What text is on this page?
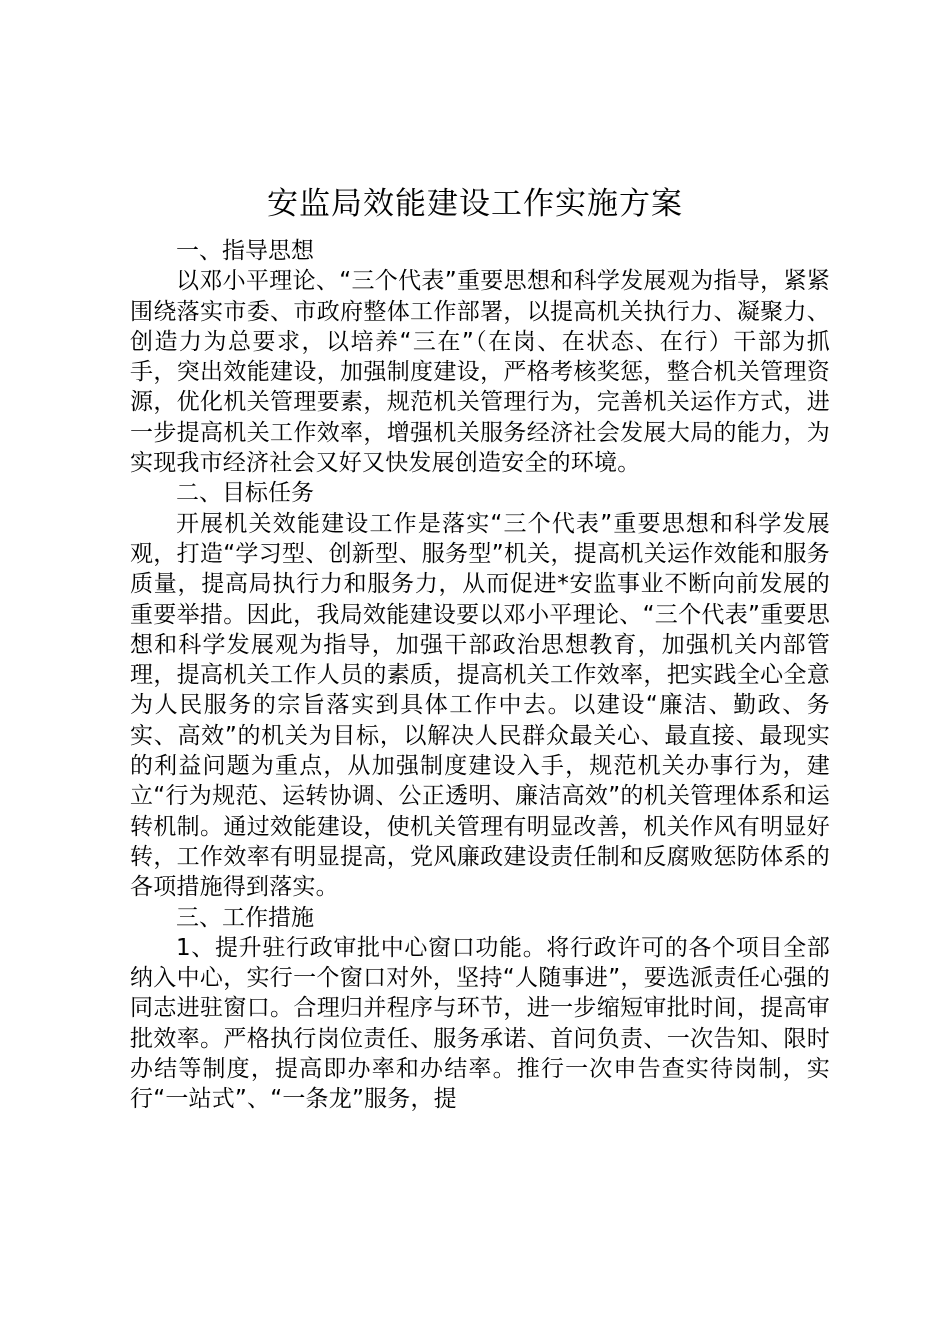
安监局效能建设工作实施方案
一、指导思想

以邓小平理论、“三个代表”重要思想和科学发展观为指导，紧紧围绕落实市委、市政府整体工作部署，以提高机关执行力、凝聚力、创造力为总要求，以培养“三在”（在岗、在状态、在行）干部为抓手，突出效能建设，加强制度建设，严格考核奖惩，整合机关管理资源，优化机关管理要素，规范机关管理行为，完善机关运作方式，进一步提高机关工作效率，增强机关服务经济社会发展大局的能力，为实现我市经济社会又好又快发展创造安全的环境。

二、目标任务

开展机关效能建设工作是落实“三个代表”重要思想和科学发展观，打造“学习型、创新型、服务型”机关，提高机关运作效能和服务质量，提高局执行力和服务力，从而促进*安监事业不断向前发展的重要举措。因此，我局效能建设要以邓小平理论、“三个代表”重要思想和科学发展观为指导，加强干部政治思想教育，加强机关内部管理，提高机关工作人员的素质，提高机关工作效率，把实践全心全意为人民服务的宗旨落实到具体工作中去。以建设“廉洁、勤政、务实、高效”的机关为目标，以解决人民群众最关心、最直接、最现实的利益问题为重点，从加强制度建设入手，规范机关办事行为，建立“行为规范、运转协调、公正透明、廉洁高效”的机关管理体系和运转机制。通过效能建设，使机关管理有明显改善，机关作风有明显好转，工作效率有明显提高，党风廉政建设责任制和反腐败惩防体系的各项措施得到落实。

三、工作措施

1、提升驻行政审批中心窗口功能。将行政许可的各个项目全部纳入中心，实行一个窗口对外，坚持“人随事进”，要选派责任心强的同志进驻窗口。合理归并程序与环节，进一步缩短审批时间，提高审批效率。严格执行岗位责任、服务承诺、首问负责、一次告知、限时办结等制度，提高即办率和办结率。推行一次申告查实待岗制，实行“一站式”、“一条龙”服务，提
